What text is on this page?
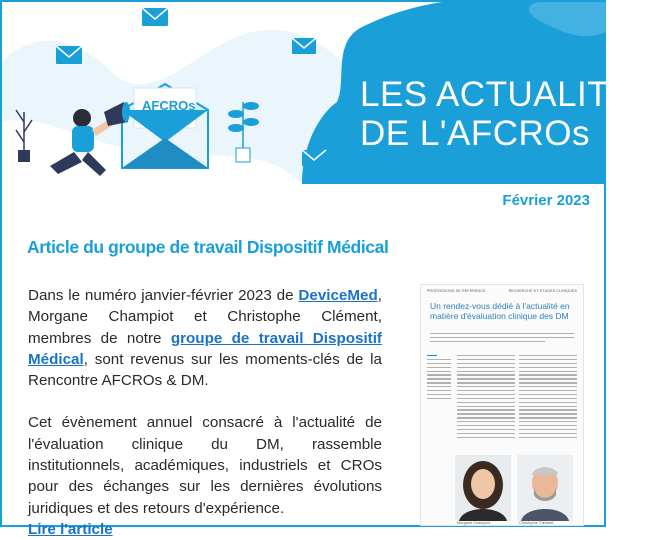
AFCROs	LES ACTUALITÉS
DE L'AFCROs
Février 2023
Article du groupe de travail Dispositif Médical

Dans le numéro janvier-février 2023 de DeviceMed, Morgane Champiot et Christophe Clément, membres de notre groupe de travail Dispositif Médical, sont revenus sur les moments-clés de la Rencontre AFCROs & DM.

Cet évènement annuel consacré à l'actualité de l'évaluation clinique du DM, rassemble institutionnels, académiques, industriels et CROs pour des échanges sur les dernières évolutions juridiques et des retours d'expérience.

Lire l'article
PROFESSIONS DE REFERENCE	RECHERCHE ET ETUDES CLINIQUES
Un rendez-vous dédié à l'actualité en matière d'évaluation clinique des DM
Morgane Champiot	Christophe Clément
